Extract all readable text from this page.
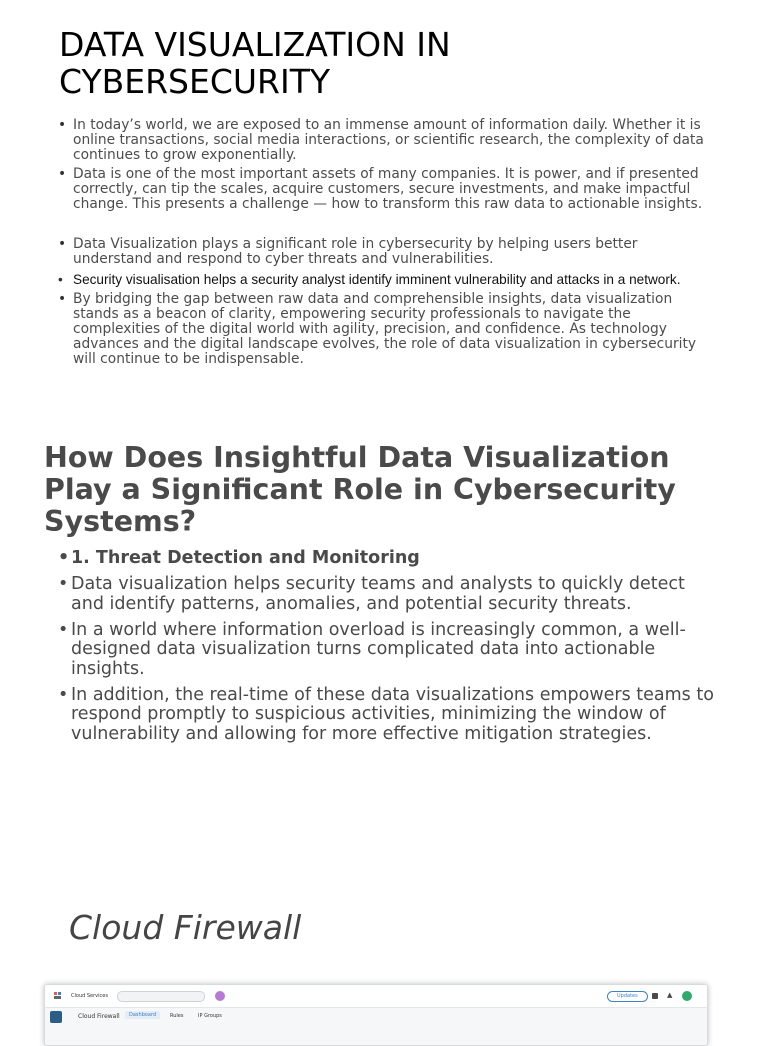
DATA VISUALIZATION IN CYBERSECURITY
• In today’s world, we are exposed to an immense amount of information daily. Whether it is online transactions, social media interactions, or scientific research, the complexity of data continues to grow exponentially.
• Data is one of the most important assets of many companies. It is power, and if presented correctly, can tip the scales, acquire customers, secure investments, and make impactful change. This presents a challenge — how to transform this raw data to actionable insights.
• Data Visualization plays a significant role in cybersecurity by helping users better understand and respond to cyber threats and vulnerabilities.
• Security visualisation helps a security analyst identify imminent vulnerability and attacks in a network.
• By bridging the gap between raw data and comprehensible insights, data visualization stands as a beacon of clarity, empowering security professionals to navigate the complexities of the digital world with agility, precision, and confidence. As technology advances and the digital landscape evolves, the role of data visualization in cybersecurity will continue to be indispensable.
How Does Insightful Data Visualization Play a Significant Role in Cybersecurity Systems?
• 1. Threat Detection and Monitoring
• Data visualization helps security teams and analysts to quickly detect and identify patterns, anomalies, and potential security threats.
• In a world where information overload is increasingly common, a well-designed data visualization turns complicated data into actionable insights.
• In addition, the real-time of these data visualizations empowers teams to respond promptly to suspicious activities, minimizing the window of vulnerability and allowing for more effective mitigation strategies.
Cloud Firewall
Cloud Services	Updates	▲
Cloud Firewall	Dashboard	Rules	IP Groups
